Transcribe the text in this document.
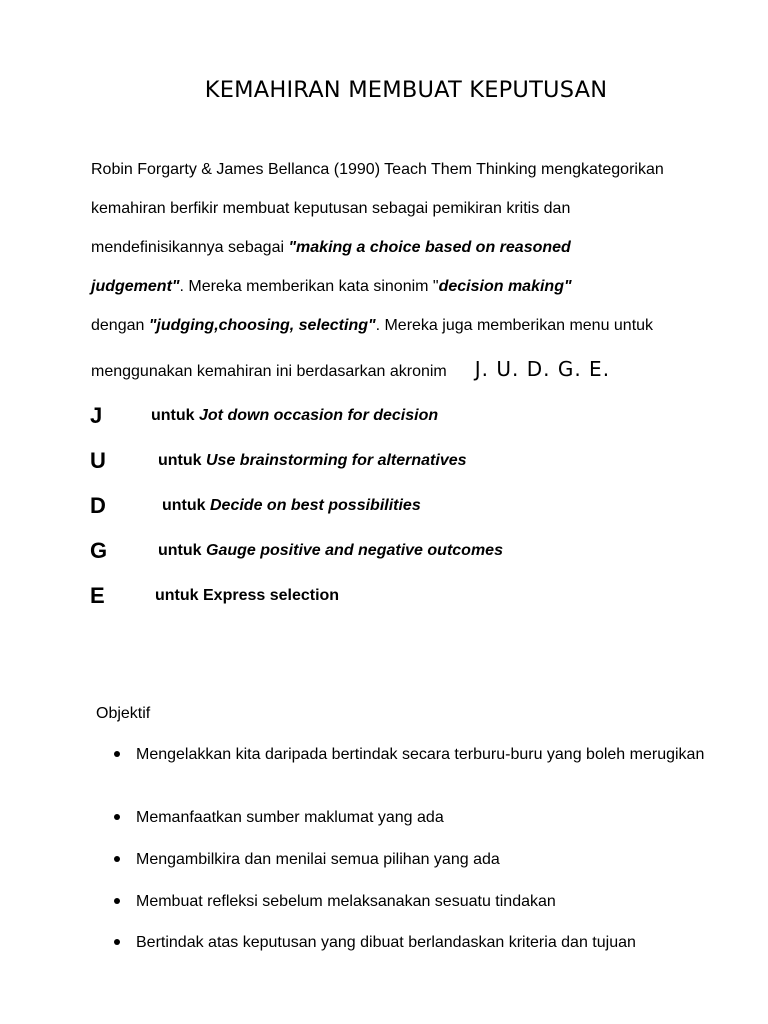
KEMAHIRAN MEMBUAT KEPUTUSAN
Robin Forgarty & James Bellanca (1990) Teach Them Thinking mengkategorikan
kemahiran berfikir membuat keputusan sebagai pemikiran kritis dan
mendefinisikannya sebagai "making a choice based on reasoned
judgement". Mereka memberikan kata sinonim "decision making"
dengan "judging,choosing, selecting". Mereka juga memberikan menu untuk
menggunakan kemahiran ini berdasarkan akronim J. U. D. G. E.
J	untuk Jot down occasion for decision
U	untuk Use brainstorming for alternatives
D	untuk Decide on best possibilities
G	untuk Gauge positive and negative outcomes
E	untuk Express selection
Objektif
Mengelakkan kita daripada bertindak secara terburu-buru yang boleh merugikan
Memanfaatkan sumber maklumat yang ada
Mengambilkira dan menilai semua pilihan yang ada
Membuat refleksi sebelum melaksanakan sesuatu tindakan
Bertindak atas keputusan yang dibuat berlandaskan kriteria dan tujuan
